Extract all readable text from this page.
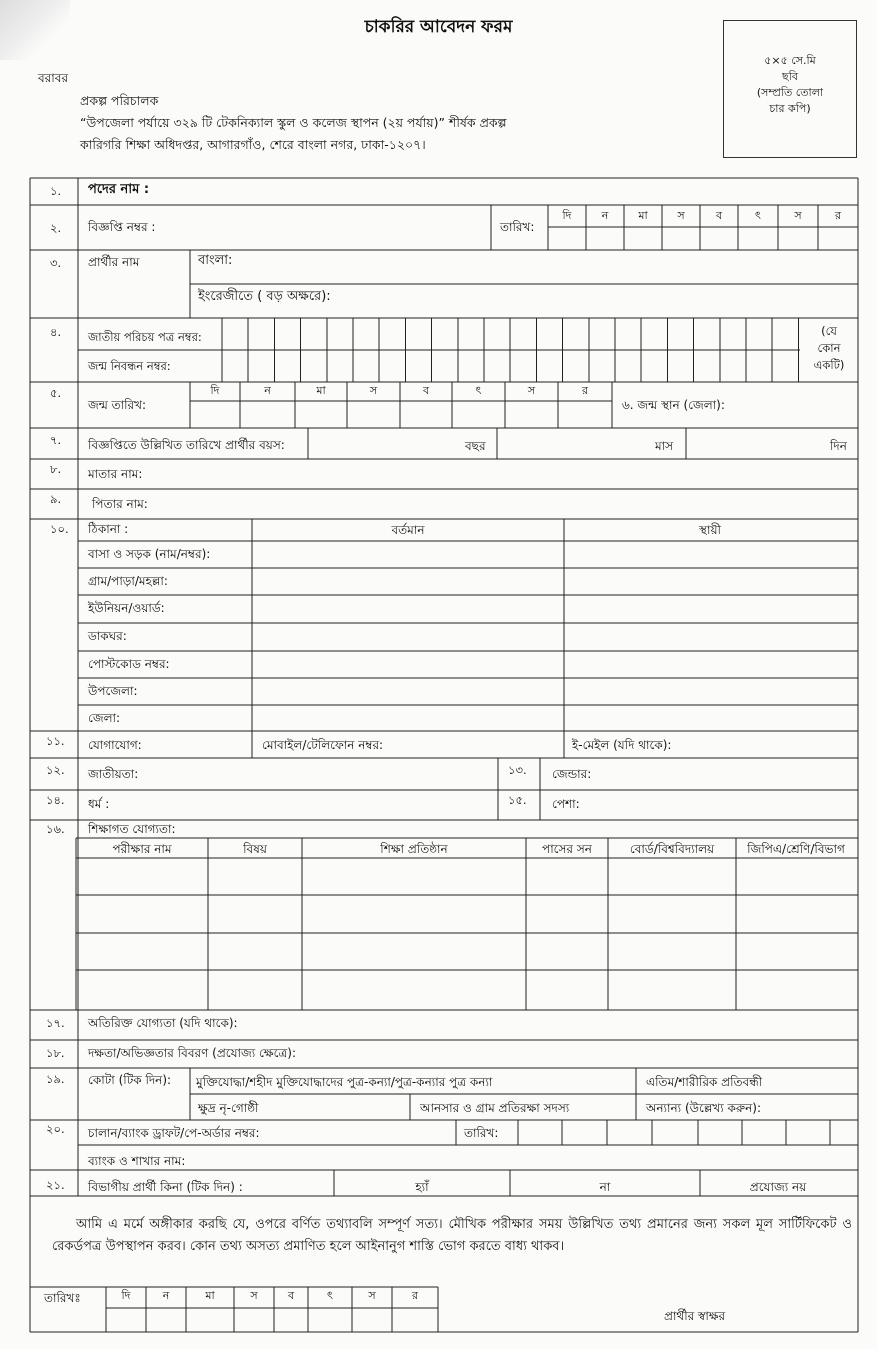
চাকরির আবেদন ফরম
৫×৫ সে.মি
ছবি
(সম্প্রতি তোলা
চার কপি)
বরাবর
প্রকল্প পরিচালক
“উপজেলা পর্যায়ে ৩২৯ টি টেকনিক্যাল স্কুল ও কলেজ স্থাপন (২য় পর্যায়)” শীর্ষক প্রকল্প
কারিগরি শিক্ষা অধিদপ্তর, আগারগাঁও, শেরে বাংলা নগর, ঢাকা-১২০৭।
১. পদের নাম :
২. বিজ্ঞপ্তি নম্বর :	তারিখ:
দি	ন	মা	স	ব	ৎ	স	র
৩. প্রার্থীর নাম	বাংলা:
ইংরেজীতে ( বড় অক্ষরে):
৪. জাতীয় পরিচয় পত্র নম্বর:
জন্ম নিবন্ধন নম্বর:
(যে
কোন
একটি)
৫.
জন্ম তারিখ:
দি	ন	মা	স	ব	ৎ	স	র
৬. জন্ম স্থান (জেলা):
৭. বিজ্ঞপ্তিতে উল্লিখিত তারিখে প্রার্থীর বয়স:	বছর	মাস	দিন
৮. মাতার নাম:
৯.	পিতার নাম:
১০. ঠিকানা :	বর্তমান	স্থায়ী
বাসা ও সড়ক (নাম/নম্বর):
গ্রাম/পাড়া/মহল্লা:
ইউনিয়ন/ওয়ার্ড:
ডাকঘর:
পোস্টকোড নম্বর:
উপজেলা:
জেলা:
১১. যোগাযোগ:	মোবাইল/টেলিফোন নম্বর:	ই-মেইল (যদি থাকে):
১২. জাতীয়তা:	১৩. জেন্ডার:
১৪. ধর্ম :	১৫. পেশা:
১৬. শিক্ষাগত যোগ্যতা:
পরীক্ষার নাম	বিষয়	শিক্ষা প্রতিষ্ঠান	পাসের সন	বোর্ড/বিশ্ববিদ্যালয়	জিপিএ/শ্রেণি/বিভাগ
১৭. অতিরিক্ত যোগ্যতা (যদি থাকে):
১৮. দক্ষতা/অভিজ্ঞতার বিবরণ (প্রযোজ্য ক্ষেত্রে):
১৯. কোটা (টিক দিন): মুক্তিযোদ্ধা/শহীদ মুক্তিযোদ্ধাদের পুত্র-কন্যা/পুত্র-কন্যার পুত্র কন্যা	এতিম/শারীরিক প্রতিবন্ধী
ক্ষুদ্র নৃ-গোষ্ঠী	আনসার ও গ্রাম প্রতিরক্ষা সদস্য	অন্যান্য (উল্লেখ্য করুন):
২০. চালান/ব্যাংক ড্রাফট/পে-অর্ডার নম্বর:	তারিখ:
ব্যাংক ও শাখার নাম:
২১. বিভাগীয় প্রার্থী কিনা (টিক দিন) :	হ্যাঁ	না	প্রযোজ্য নয়
আমি এ মর্মে অঙ্গীকার করছি যে, ওপরে বর্ণিত তথ্যাবলি সম্পূর্ণ সত্য। মৌখিক পরীক্ষার সময় উল্লিখিত তথ্য প্রমানের জন্য সকল মূল সার্টিফিকেট ও রেকর্ডপত্র উপস্থাপন করব। কোন তথ্য অসত্য প্রমাণিত হলে আইনানুগ শাস্তি ভোগ করতে বাধ্য থাকব।
তারিখঃ	দি	ন	মা	স	ব	ৎ	স	র
প্রার্থীর স্বাক্ষর
